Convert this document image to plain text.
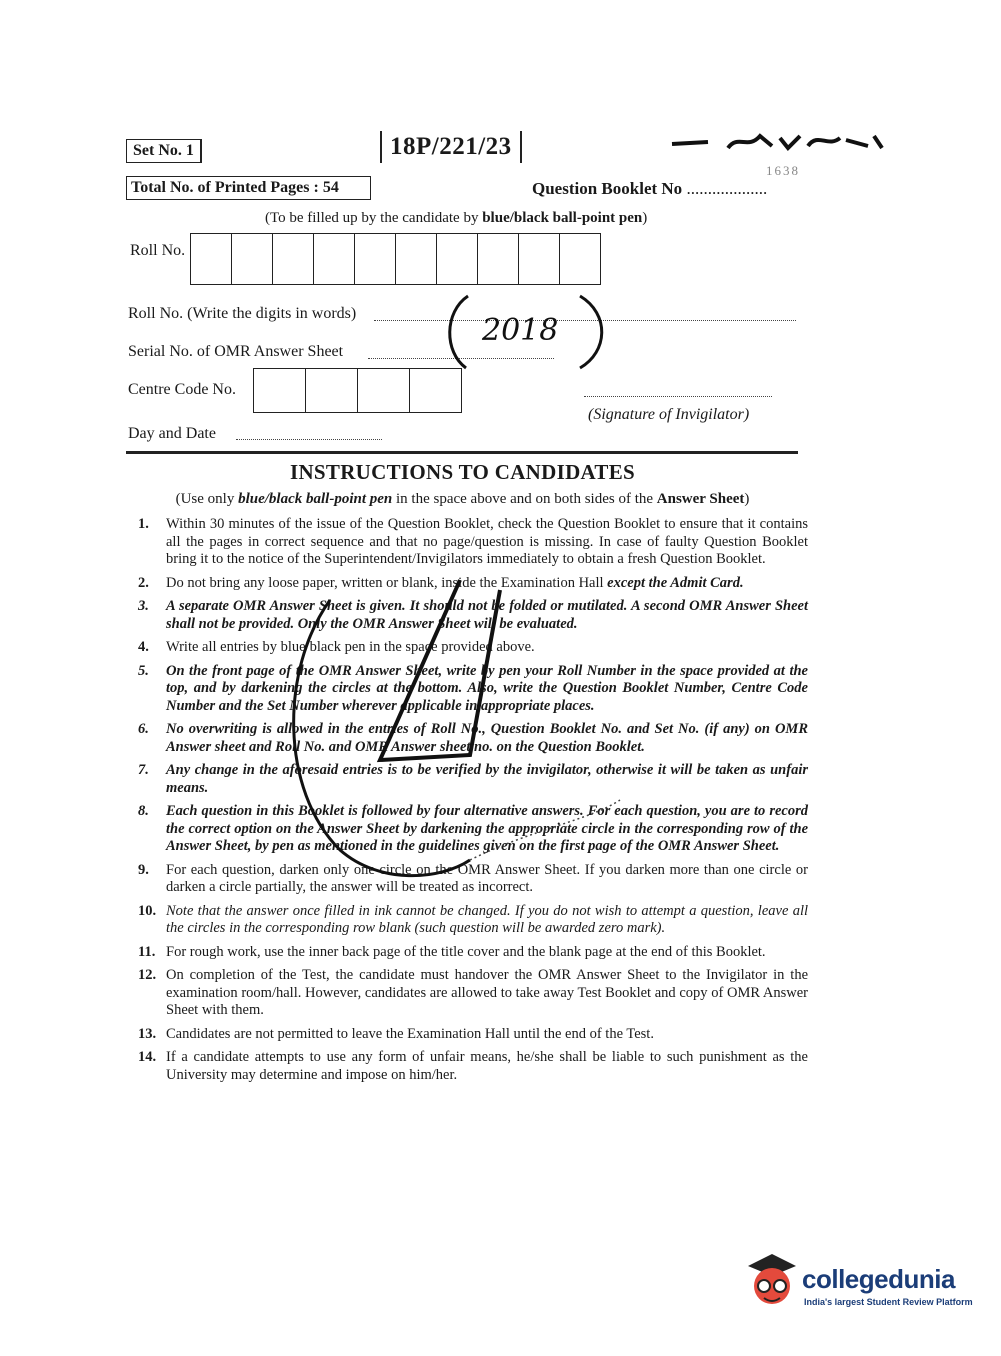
Set No. 1	18P/221/23
Total No. of Printed Pages : 54	Question Booklet No ...................
1638
(To be filled up by the candidate by blue/black ball-point pen)
Roll No.
Roll No. (Write the digits in words)
Serial No. of OMR Answer Sheet
2018
Centre Code No.
(Signature of Invigilator)
Day and Date
INSTRUCTIONS TO CANDIDATES
(Use only blue/black ball-point pen in the space above and on both sides of the Answer Sheet)
1.	Within 30 minutes of the issue of the Question Booklet, check the Question Booklet to ensure that it contains all the pages in correct sequence and that no page/question is missing. In case of faulty Question Booklet bring it to the notice of the Superintendent/Invigilators immediately to obtain a fresh Question Booklet.
2.	Do not bring any loose paper, written or blank, inside the Examination Hall except the Admit Card.
3.	A separate OMR Answer Sheet is given. It should not be folded or mutilated. A second OMR Answer Sheet shall not be provided. Only the OMR Answer Sheet will be evaluated.
4.	Write all entries by blue/black pen in the space provided above.
5.	On the front page of the OMR Answer Sheet, write by pen your Roll Number in the space provided at the top, and by darkening the circles at the bottom. Also, write the Question Booklet Number, Centre Code Number and the Set Number wherever applicable in appropriate places.
6.	No overwriting is allowed in the entries of Roll No., Question Booklet No. and Set No. (if any) on OMR Answer sheet and Roll No. and OMR Answer sheet no. on the Question Booklet.
7.	Any change in the aforesaid entries is to be verified by the invigilator, otherwise it will be taken as unfair means.
8.	Each question in this Booklet is followed by four alternative answers. For each question, you are to record the correct option on the Answer Sheet by darkening the appropriate circle in the corresponding row of the Answer Sheet, by pen as mentioned in the guidelines given on the first page of the OMR Answer Sheet.
9.	For each question, darken only one circle on the OMR Answer Sheet. If you darken more than one circle or darken a circle partially, the answer will be treated as incorrect.
10. Note that the answer once filled in ink cannot be changed. If you do not wish to attempt a question, leave all the circles in the corresponding row blank (such question will be awarded zero mark).
11. For rough work, use the inner back page of the title cover and the blank page at the end of this Booklet.
12. On completion of the Test, the candidate must handover the OMR Answer Sheet to the Invigilator in the examination room/hall. However, candidates are allowed to take away Test Booklet and copy of OMR Answer Sheet with them.
13. Candidates are not permitted to leave the Examination Hall until the end of the Test.
14. If a candidate attempts to use any form of unfair means, he/she shall be liable to such punishment as the University may determine and impose on him/her.
collegedunia
India's largest Student Review Platform
